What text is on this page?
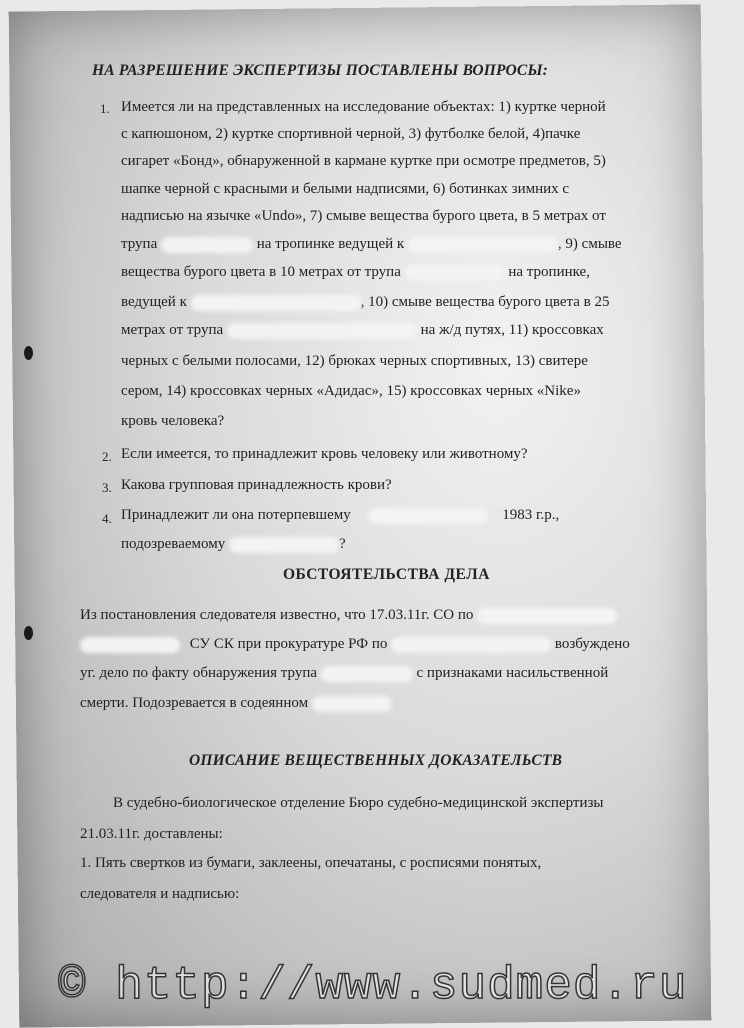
НА РАЗРЕШЕНИЕ ЭКСПЕРТИЗЫ ПОСТАВЛЕНЫ ВОПРОСЫ:
1. Имеется ли на представленных на исследование объектах: 1) куртке черной
с капюшоном, 2) куртке спортивной черной, 3) футболке белой, 4)пачке
сигарет «Бонд», обнаруженной в кармане куртке при осмотре предметов, 5)
шапке черной с красными и белыми надписями, 6) ботинках зимних с
надписью на язычке «Undo», 7) смыве вещества бурого цвета, в 5 метрах от
трупа	на тропинке ведущей к	, 9) смыве
вещества бурого цвета в 10 метрах от трупа	на тропинке,
ведущей к	, 10) смыве вещества бурого цвета в 25
метрах от трупа	на ж/д путях, 11) кроссовках
черных с белыми полосами, 12) брюках черных спортивных, 13) свитере
сером, 14) кроссовках черных «Адидас», 15) кроссовках черных «Nike»
кровь человека?
2. Если имеется, то принадлежит кровь человеку или животному?
3. Какова групповая принадлежность крови?
4. Принадлежит ли она потерпевшему	1983 г.р.,
подозреваемому	?
ОБСТОЯТЕЛЬСТВА ДЕЛА
Из постановления следователя известно, что 17.03.11г. СО по
СУ СК при прокуратуре РФ по	возбуждено
уг. дело по факту обнаружения трупа	с признаками насильственной
смерти. Подозревается в содеянном
ОПИСАНИЕ ВЕЩЕСТВЕННЫХ ДОКАЗАТЕЛЬСТВ
В судебно-биологическое отделение Бюро судебно-медицинской экспертизы
21.03.11г. доставлены:
1. Пять свертков из бумаги, заклеены, опечатаны, с росписями понятых,
следователя и надписью:
© http://www.sudmed.ru
